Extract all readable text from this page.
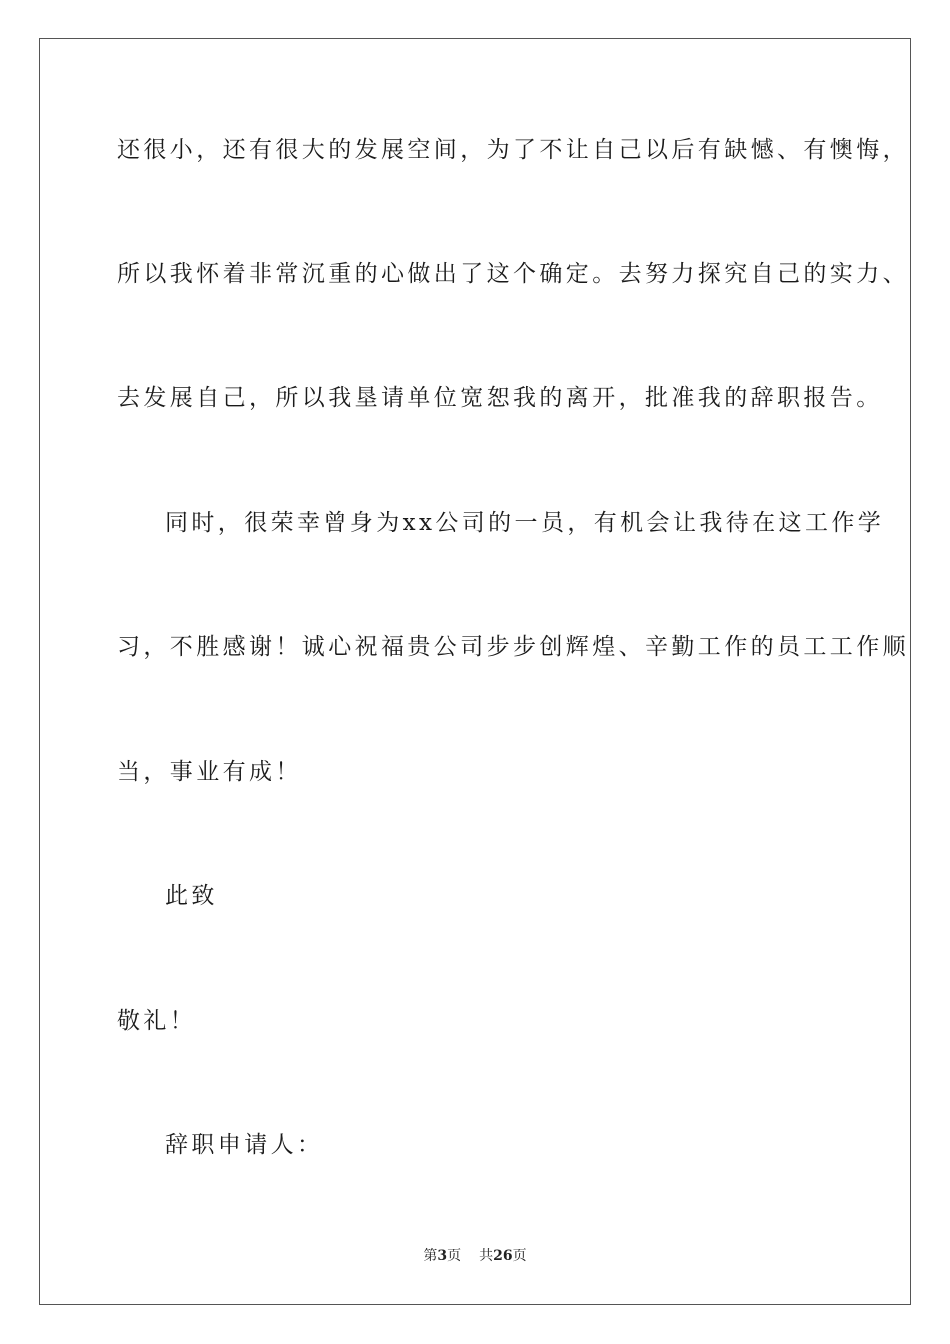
还很小，还有很大的发展空间，为了不让自己以后有缺憾、有懊悔，
所以我怀着非常沉重的心做出了这个确定。去努力探究自己的实力、
去发展自己，所以我垦请单位宽恕我的离开，批准我的辞职报告。
同时，很荣幸曾身为xx公司的一员，有机会让我待在这工作学
习，不胜感谢！诚心祝福贵公司步步创辉煌、辛勤工作的员工工作顺
当，事业有成！
此致
敬礼！
辞职申请人：
第3页 共26页
